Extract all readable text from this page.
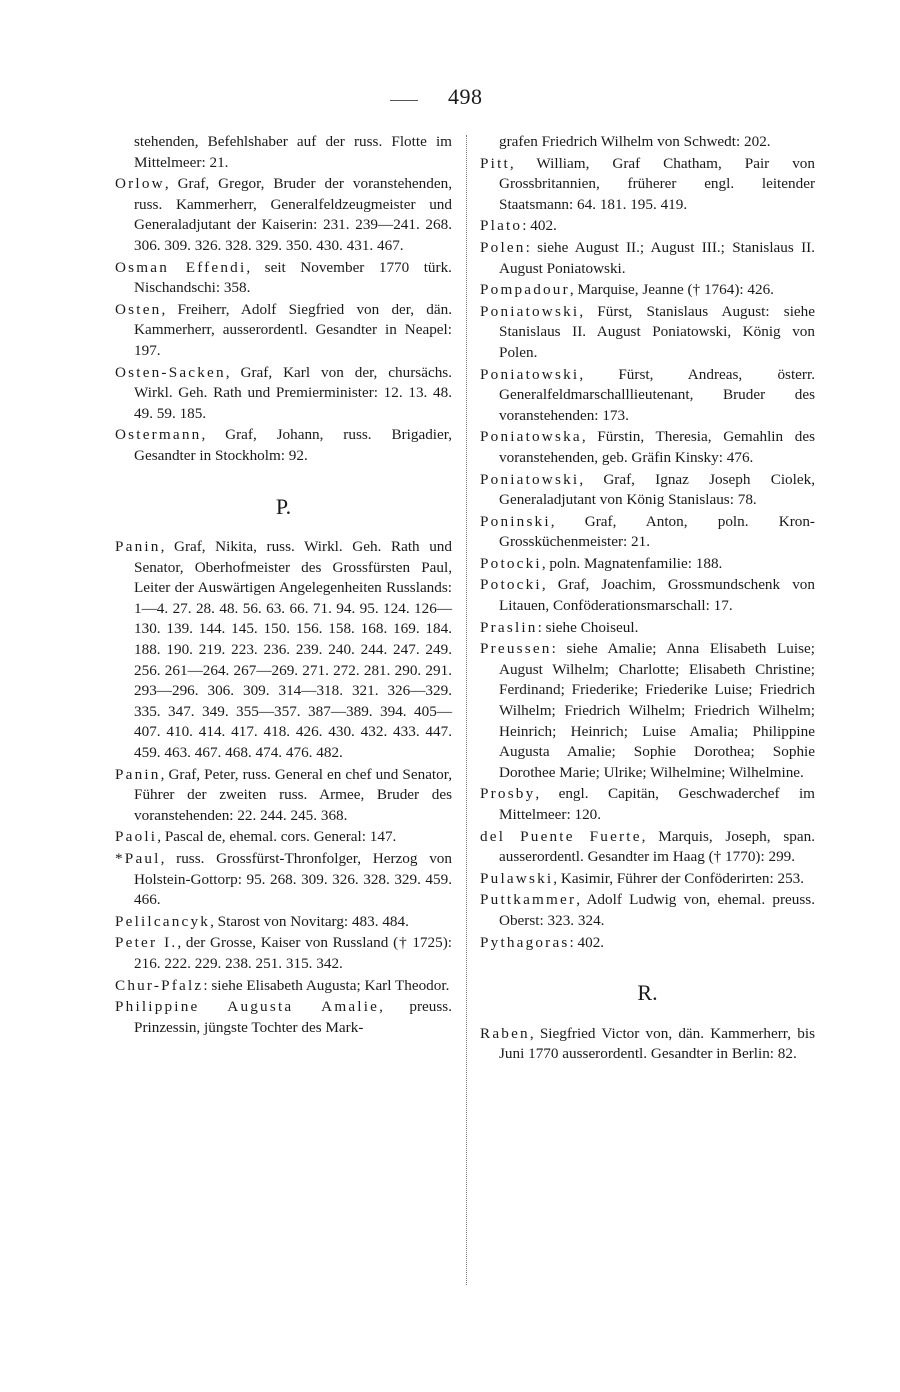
498
stehenden, Befehlshaber auf der russ. Flotte im Mittelmeer: 21.
Orlow, Graf, Gregor, Bruder der voranstehenden, russ. Kammerherr, Generalfeldzeugmeister und Generaladjutant der Kaiserin: 231. 239—241. 268. 306. 309. 326. 328. 329. 350. 430. 431. 467.
Osman Effendi, seit November 1770 türk. Nischandschi: 358.
Osten, Freiherr, Adolf Siegfried von der, dän. Kammerherr, ausserordentl. Gesandter in Neapel: 197.
Osten-Sacken, Graf, Karl von der, chursächs. Wirkl. Geh. Rath und Premierminister: 12. 13. 48. 49. 59. 185.
Ostermann, Graf, Johann, russ. Brigadier, Gesandter in Stockholm: 92.
P.
Panin, Graf, Nikita, russ. Wirkl. Geh. Rath und Senator, Oberhofmeister des Grossfürsten Paul, Leiter der Auswärtigen Angelegenheiten Russlands: 1—4. 27. 28. 48. 56. 63. 66. 71. 94. 95. 124. 126—130. 139. 144. 145. 150. 156. 158. 168. 169. 184. 188. 190. 219. 223. 236. 239. 240. 244. 247. 249. 256. 261—264. 267—269. 271. 272. 281. 290. 291. 293—296. 306. 309. 314—318. 321. 326—329. 335. 347. 349. 355—357. 387—389. 394. 405—407. 410. 414. 417. 418. 426. 430. 432. 433. 447. 459. 463. 467. 468. 474. 476. 482.
Panin, Graf, Peter, russ. General en chef und Senator, Führer der zweiten russ. Armee, Bruder des voranstehenden: 22. 244. 245. 368.
Paoli, Pascal de, ehemal. cors. General: 147.
*Paul, russ. Grossfürst-Thronfolger, Herzog von Holstein-Gottorp: 95. 268. 309. 326. 328. 329. 459. 466.
Pelilcancyk, Starost von Novitarg: 483. 484.
Peter I., der Grosse, Kaiser von Russland († 1725): 216. 222. 229. 238. 251. 315. 342.
Chur-Pfalz: siehe Elisabeth Augusta; Karl Theodor.
Philippine Augusta Amalie, preuss. Prinzessin, jüngste Tochter des Mark-
grafen Friedrich Wilhelm von Schwedt: 202.
Pitt, William, Graf Chatham, Pair von Grossbritannien, früherer engl. leitender Staatsmann: 64. 181. 195. 419.
Plato: 402.
Polen: siehe August II.; August III.; Stanislaus II. August Poniatowski.
Pompadour, Marquise, Jeanne († 1764): 426.
Poniatowski, Fürst, Stanislaus August: siehe Stanislaus II. August Poniatowski, König von Polen.
Poniatowski, Fürst, Andreas, österr. Generalfeldmarschalllieutenant, Bruder des voranstehenden: 173.
Poniatowska, Fürstin, Theresia, Gemahlin des voranstehenden, geb. Gräfin Kinsky: 476.
Poniatowski, Graf, Ignaz Joseph Ciolek, Generaladjutant von König Stanislaus: 78.
Poninski, Graf, Anton, poln. Kron-Grossküchenmeister: 21.
Potocki, poln. Magnatenfamilie: 188.
Potocki, Graf, Joachim, Grossmundschenk von Litauen, Conföderationsmarschall: 17.
Praslin: siehe Choiseul.
Preussen: siehe Amalie; Anna Elisabeth Luise; August Wilhelm; Charlotte; Elisabeth Christine; Ferdinand; Friederike; Friederike Luise; Friedrich Wilhelm; Friedrich Wilhelm; Friedrich Wilhelm; Heinrich; Heinrich; Luise Amalia; Philippine Augusta Amalie; Sophie Dorothea; Sophie Dorothee Marie; Ulrike; Wilhelmine; Wilhelmine.
Prosby, engl. Capitän, Geschwaderchef im Mittelmeer: 120.
del Puente Fuerte, Marquis, Joseph, span. ausserordentl. Gesandter im Haag († 1770): 299.
Pulawski, Kasimir, Führer der Conföderirten: 253.
Puttkammer, Adolf Ludwig von, ehemal. preuss. Oberst: 323. 324.
Pythagoras: 402.
R.
Raben, Siegfried Victor von, dän. Kammerherr, bis Juni 1770 ausserordentl. Gesandter in Berlin: 82.
